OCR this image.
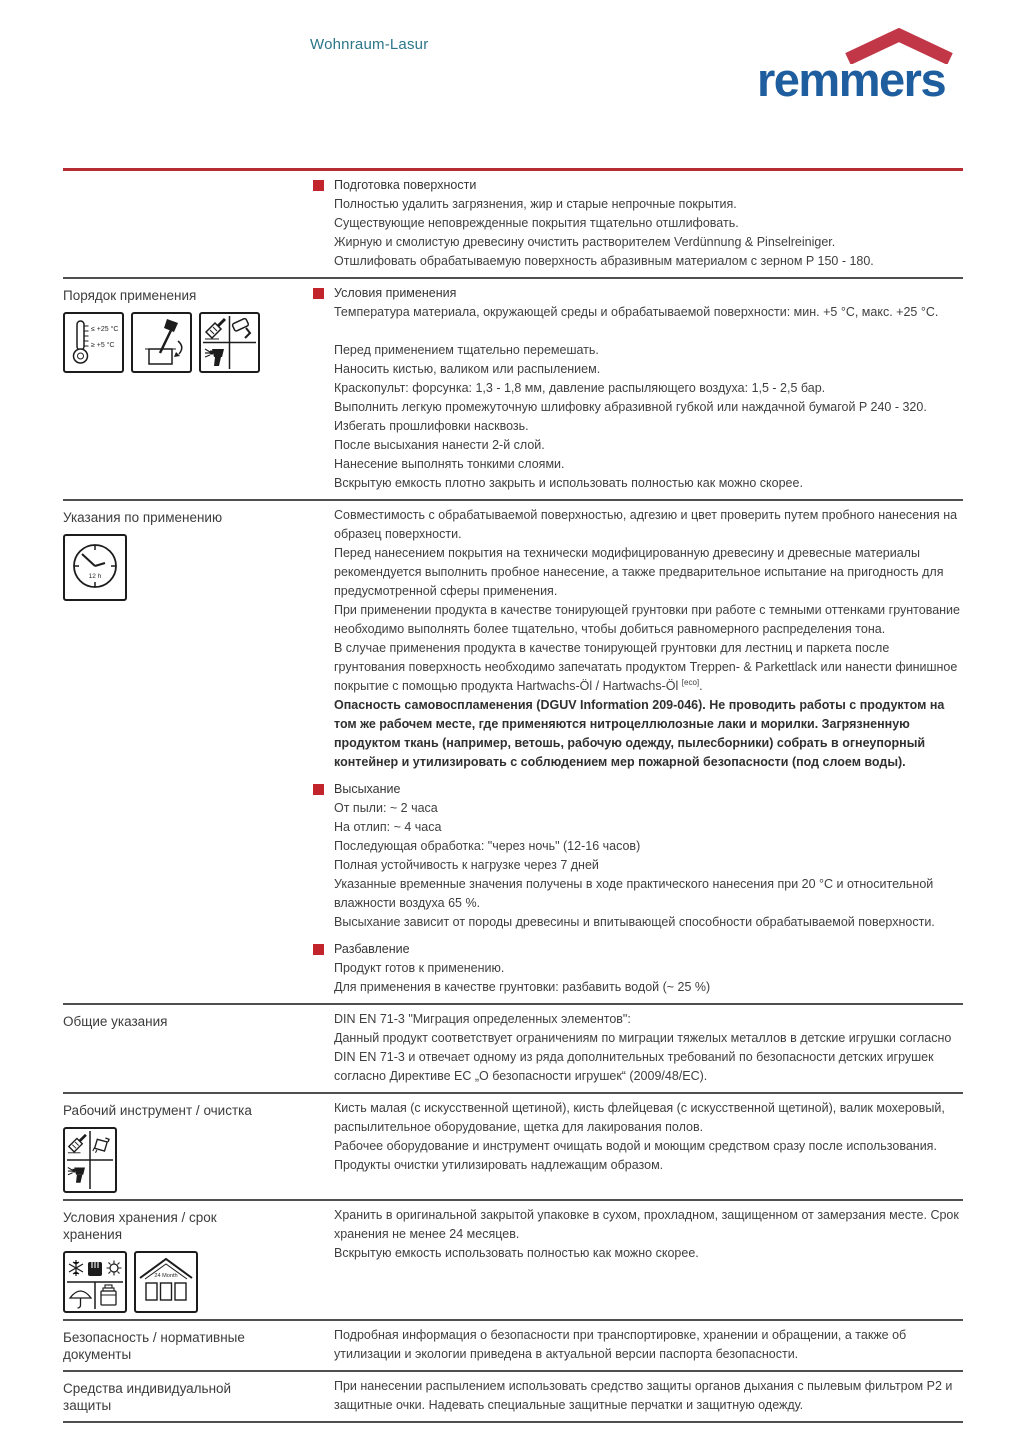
Wohnraum-Lasur
remmers
Подготовка поверхности
Полностью удалить загрязнения, жир и старые непрочные покрытия.
Существующие неповрежденные покрытия тщательно отшлифовать.
Жирную и смолистую древесину очистить растворителем Verdünnung & Pinselreiniger.
Отшлифовать обрабатываемую поверхность абразивным материалом с зерном P 150 - 180.
Порядок применения
≤ +25 °C
≥ +5 °C
Условия применения
Температура материала, окружающей среды и обрабатываемой поверхности: мин. +5 °C, макс. +25 °C.
Перед применением тщательно перемешать.
Наносить кистью, валиком или распылением.
Краскопульт: форсунка: 1,3 - 1,8 мм, давление распыляющего воздуха: 1,5 - 2,5 бар.
Выполнить легкую промежуточную шлифовку абразивной губкой или наждачной бумагой P 240 - 320.
Избегать прошлифовки насквозь.
После высыхания нанести 2-й слой.
Нанесение выполнять тонкими слоями.
Вскрытую емкость плотно закрыть и использовать полностью как можно скорее.
Указания по применению
12 h
Совместимость с обрабатываемой поверхностью, адгезию и цвет проверить путем пробного нанесения на образец поверхности.
Перед нанесением покрытия на технически модифицированную древесину и древесные материалы рекомендуется выполнить пробное нанесение, а также предварительное испытание на пригодность для предусмотренной сферы применения.
При применении продукта в качестве тонирующей грунтовки при работе с темными оттенками грунтование необходимо выполнять более тщательно, чтобы добиться равномерного распределения тона.
В случае применения продукта в качестве тонирующей грунтовки для лестниц и паркета после грунтования поверхность необходимо запечатать продуктом Treppen- & Parkettlack или нанести финишное покрытие с помощью продукта Hartwachs-Öl / Hartwachs-Öl [eco].
Опасность самовоспламенения (DGUV Information 209-046). Не проводить работы с продуктом на том же рабочем месте, где применяются нитроцеллюлозные лаки и морилки. Загрязненную продуктом ткань (например, ветошь, рабочую одежду, пылесборники) собрать в огнеупорный контейнер и утилизировать с соблюдением мер пожарной безопасности (под слоем воды).
Высыхание
От пыли: ~ 2 часа
На отлип: ~ 4 часа
Последующая обработка: "через ночь" (12-16 часов)
Полная устойчивость к нагрузке через 7 дней
Указанные временные значения получены в ходе практического нанесения при 20 °C и относительной влажности воздуха 65 %.
Высыхание зависит от породы древесины и впитывающей способности обрабатываемой поверхности.
Разбавление
Продукт готов к применению.
Для применения в качестве грунтовки: разбавить водой (~ 25 %)
Общие указания	DIN EN 71-3 "Миграция определенных элементов":
Данный продукт соответствует ограничениям по миграции тяжелых металлов в детские игрушки согласно DIN EN 71-3 и отвечает одному из ряда дополнительных требований по безопасности детских игрушек согласно Директиве ЕС „О безопасности игрушек“ (2009/48/EC).
Рабочий инструмент / очистка	Кисть малая (с искусственной щетиной), кисть флейцевая (с искусственной щетиной), валик мохеровый, распылительное оборудование, щетка для лакирования полов.
Рабочее оборудование и инструмент очищать водой и моющим средством сразу после использования.
Продукты очистки утилизировать надлежащим образом.
Условия хранения / срок хранения
24 Month
Хранить в оригинальной закрытой упаковке в сухом, прохладном, защищенном от замерзания месте. Срок хранения не менее 24 месяцев.
Вскрытую емкость использовать полностью как можно скорее.
Безопасность / нормативные документы
Подробная информация о безопасности при транспортировке, хранении и обращении, а также об утилизации и экологии приведена в актуальной версии паспорта безопасности.
Средства индивидуальной защиты
При нанесении распылением использовать средство защиты органов дыхания с пылевым фильтром P2 и защитные очки. Надевать специальные защитные перчатки и защитную одежду.
